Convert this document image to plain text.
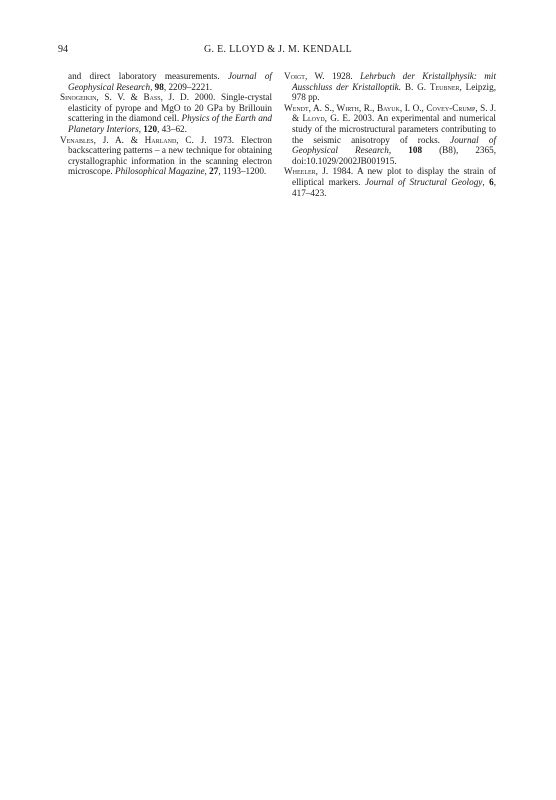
94	G. E. LLOYD & J. M. KENDALL

and direct laboratory measurements. Journal of Geophysical Research, 98, 2209–2221.

Sinogeikin, S. V. & Bass, J. D. 2000. Single-crystal elasticity of pyrope and MgO to 20 GPa by Brillouin scattering in the diamond cell. Physics of the Earth and Planetary Interiors, 120, 43–62.

Venables, J. A. & Harland, C. J. 1973. Electron backscattering patterns – a new technique for obtaining crystallographic information in the scanning electron microscope. Philosophical Magazine, 27, 1193–1200.

Voigt, W. 1928. Lehrbuch der Kristallphysik: mit Ausschluss der Kristalloptik. B. G. Teubner, Leipzig, 978 pp.

Wendt, A. S., Wirth, R., Bayuk, I. O., Covey-Crump, S. J. & Lloyd, G. E. 2003. An experimental and numerical study of the microstructural parameters contributing to the seismic anisotropy of rocks. Journal of Geophysical Research, 108 (B8), 2365, doi:10.1029/2002JB001915.

Wheeler, J. 1984. A new plot to display the strain of elliptical markers. Journal of Structural Geology, 6, 417–423.
